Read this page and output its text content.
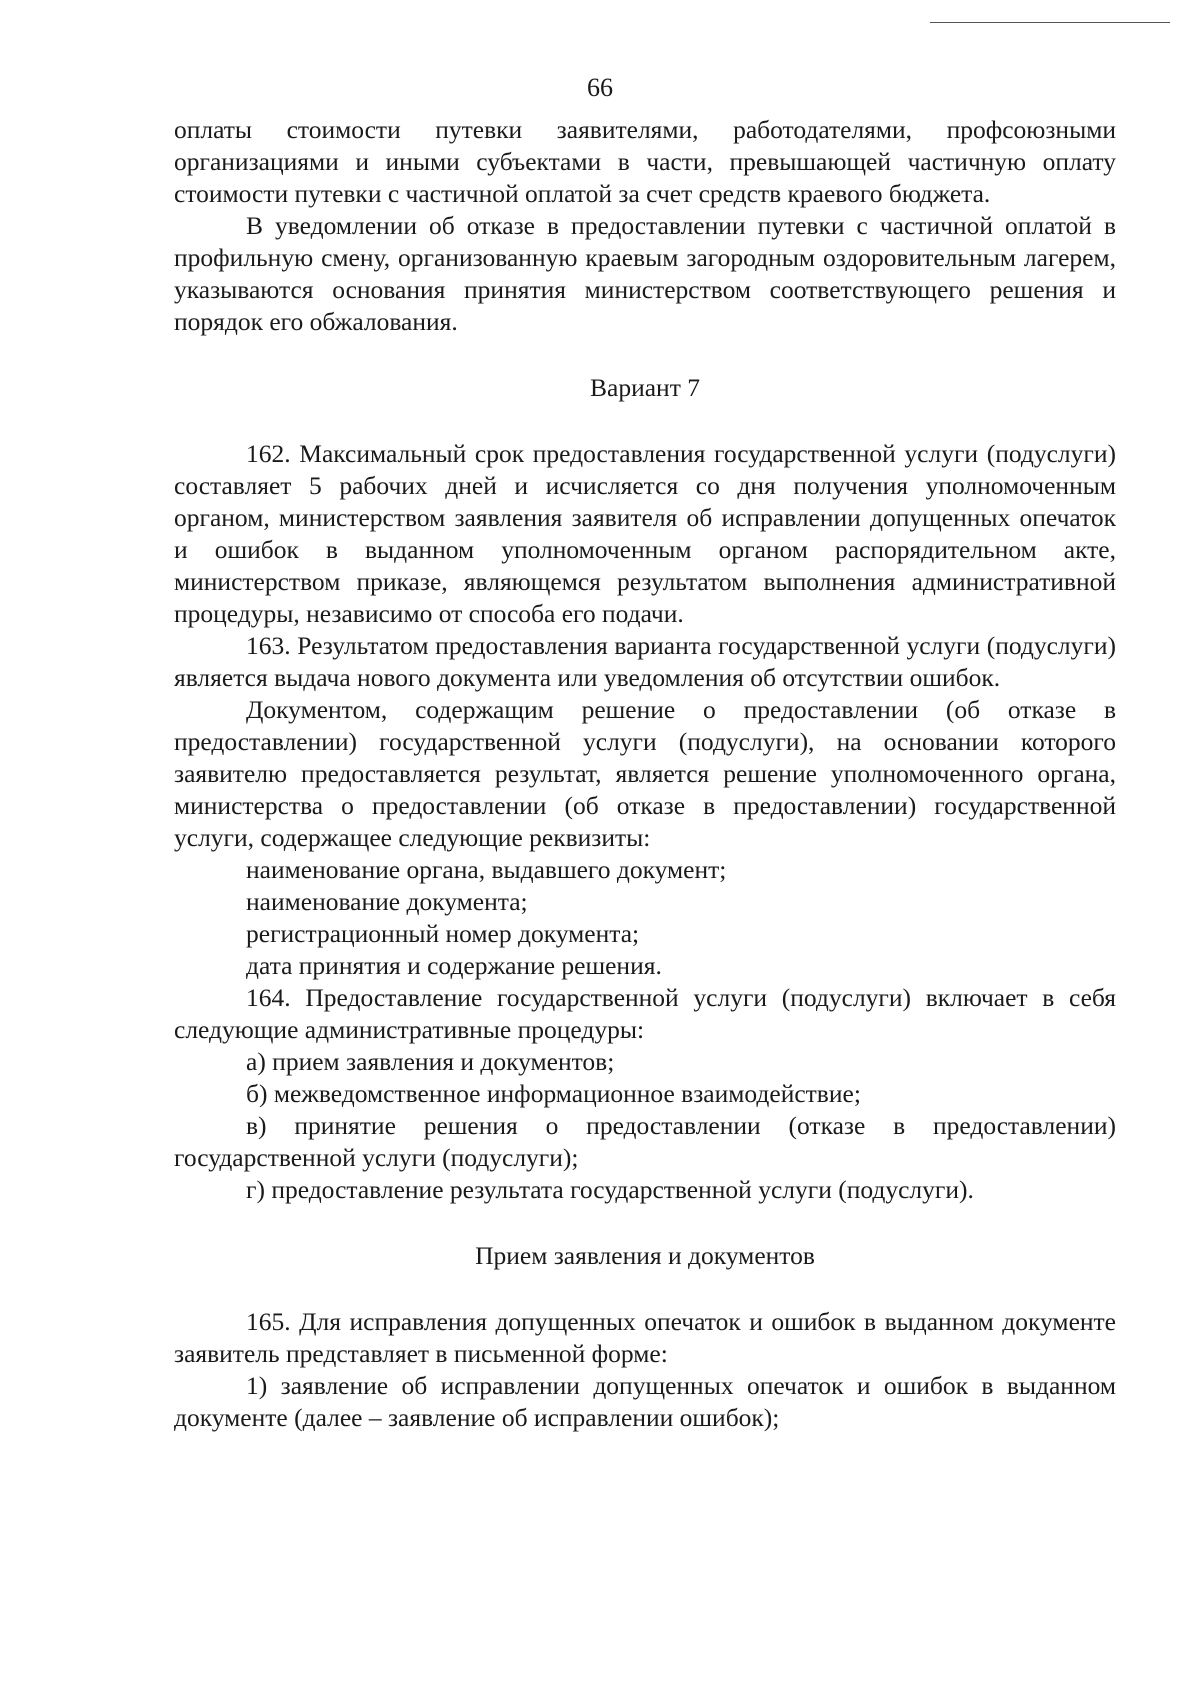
66

оплаты стоимости путевки заявителями, работодателями, профсоюзными организациями и иными субъектами в части, превышающей частичную оплату стоимости путевки с частичной оплатой за счет средств краевого бюджета.

В уведомлении об отказе в предоставлении путевки с частичной оплатой в профильную смену, организованную краевым загородным оздоровительным лагерем, указываются основания принятия министерством соответствующего решения и порядок его обжалования.

Вариант 7

162. Максимальный срок предоставления государственной услуги (подуслуги) составляет 5 рабочих дней и исчисляется со дня получения уполномоченным органом, министерством заявления заявителя об исправлении допущенных опечаток и ошибок в выданном уполномоченным органом распорядительном акте, министерством приказе, являющемся результатом выполнения административной процедуры, независимо от способа его подачи.

163. Результатом предоставления варианта государственной услуги (подуслуги) является выдача нового документа или уведомления об отсутствии ошибок.

Документом, содержащим решение о предоставлении (об отказе в предоставлении) государственной услуги (подуслуги), на основании которого заявителю предоставляется результат, является решение уполномоченного органа, министерства о предоставлении (об отказе в предоставлении) государственной услуги, содержащее следующие реквизиты:

наименование органа, выдавшего документ;

наименование документа;

регистрационный номер документа;

дата принятия и содержание решения.

164. Предоставление государственной услуги (подуслуги) включает в себя следующие административные процедуры:

а) прием заявления и документов;

б) межведомственное информационное взаимодействие;

в) принятие решения о предоставлении (отказе в предоставлении) государственной услуги (подуслуги);

г) предоставление результата государственной услуги (подуслуги).

Прием заявления и документов

165. Для исправления допущенных опечаток и ошибок в выданном документе заявитель представляет в письменной форме:

1) заявление об исправлении допущенных опечаток и ошибок в выданном документе (далее – заявление об исправлении ошибок);
